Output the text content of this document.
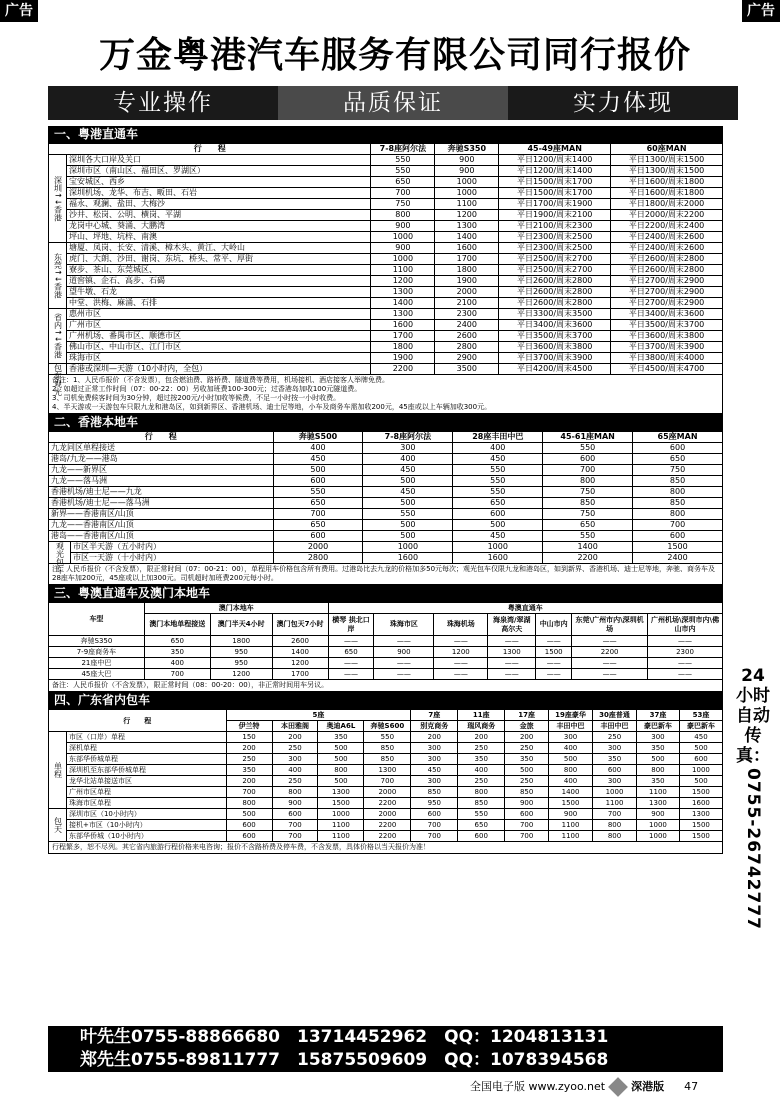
广告	广告
万金粤港汽车服务有限公司同行报价
专业操作	品质保证	实力体现
一、粤港直通车
行　　程		7-8座阿尔法	奔驰S350	45-49座MAN	60座MAN
深圳↑↓香港	深圳各大口岸及关口	550	900	平日1200/周末1400	平日1300/周末1500
	深圳市区（南山区、福田区、罗湖区）	550	900	平日1200/周末1400	平日1300/周末1500
	宝安城区、西乡	650	1000	平日1500/周末1700	平日1600/周末1800
	深圳机场、龙华、布吉、畈田、石岩	700	1000	平日1500/周末1700	平日1600/周末1800
	福永、观澜、盐田、大梅沙	750	1100	平日1700/周末1900	平日1800/周末2000
	沙井、松岗、公明、横岗、平湖	800	1200	平日1900/周末2100	平日2000/周末2200
	龙岗中心城、葵涌、大鹏湾	900	1300	平日2100/周末2300	平日2200/周末2400
	坪山、坪地、坑梓、南澳	1000	1400	平日2300/周末2500	平日2400/周末2600
东莞↑↓香港	塘厦、凤岗、长安、清溪、樟木头、黄江、大岭山	900	1600	平日2300/周末2500	平日2400/周末2600
	虎门、大朗、沙田、谢岗、东坑、桥头、常平、厚街	1000	1700	平日2500/周末2700	平日2600/周末2800
	寮步、茶山、东莞城区、	1100	1800	平日2500/周末2700	平日2600/周末2800
	道窖镇、企石、高步、石碣	1200	1900	平日2600/周末2800	平日2700/周末2900
	望牛墩、石龙	1300	2000	平日2600/周末2800	平日2700/周末2900
	中堂、洪梅、麻涌、石排	1400	2100	平日2600/周末2800	平日2700/周末2900
省内↑↓香港	惠州市区	1300	2300	平日3300/周末3500	平日3400/周末3600
	广州市区	1600	2400	平日3400/周末3600	平日3500/周末3700
	广州机场、番禺市区、顺德市区	1700	2600	平日3500/周末3700	平日3600/周末3800
	佛山市区、中山市区、江门市区	1800	2800	平日3600/周末3800	平日3700/周末3900
	珠海市区	1900	2900	平日3700/周末3900	平日3800/周末4000
包车观光	香港或深圳—天游（10小时内，全包）	2200	3500	平日4200/周末4500	平日4500/周末4700
备注：1、人民币报价（不含发票），包含燃油费、路桥费、隧道费等费用，机场接机、酒店接客人举牌免费。
2、如超过正常工作时间（07：00-22：00）另收加班费100-300元；过香港岛加收100元隧道费。
3、司机免费候客时间为30分钟，超过按200元/小时加收等候费，不足一小时按一小时收费。
4、半天游或一天游包车只限九龙和港岛区，如到新界区、香港机场、迪士尼等地，小车及商务车需加收200元，45座或以上车辆加收300元。
二、香港本地车
行　　程		奔驰S500	7-8座阿尔法	28座丰田中巴	45-61座MAN	65座MAN
九龙同区单程接送		400	300	400	550	600
港岛/九龙——港岛		450	400	450	600	650
九龙——新界区		500	450	550	700	750
九龙——落马洲		600	500	550	800	850
香港机场/迪士尼——九龙		550	450	550	750	800
香港机场/迪士尼——落马洲		650	500	650	850	850
新界——香港南区/山顶		700	550	600	750	800
九龙——香港南区/山顶		650	500	500	650	700
港岛——香港南区/山顶		600	500	450	550	600
观光包车	市区半天游（五小时内）	2000	1000	1000	1400	1500
	市区一天游（十小时内）	2800	1600	1600	2200	2400
注：人民币报价（不含发票），限正常时间（07：00-21：00），单程用车价格包含所有费用。过港岛比去九龙的价格加多50元每次；观光包车仅限九龙和港岛区，如到新界、香港机场、迪士尼等地，奔驰、商务车及28座车加200元，45座或以上加300元。司机超时加班费200元每小时。
三、粤澳直通车及澳门本地车
车型	澳门本地车			粤澳直通车						
	澳门本地单程接送	澳门半天4小时	澳门包天7小时	横琴 拱北口岸	珠海市区	珠海机场	海泉湾/翠湖高尔夫	中山市内	东莞\广州市内\深圳机场	广州机场\深圳市内\佛山市内
奔驰S350	650	1800	2600	——	——	——	——	——	——	——
7-9座商务车	350	950	1400	650	900	1200	1300	1500	2200	2300
21座中巴	400	950	1200	——	——	——	——	——	——	——
45座大巴	700	1200	1700	——	——	——	——	——	——	——
备注：人民币报价（不含发票），限正常时间（08：00-20：00），非正常时间用车另议。
四、广东省内包车
行　　程		5座				7座	11座	17座	19座豪华	30座普通	37座	53座
		伊兰特	本田雅阁	奥迪A6L	奔驰S600	别克商务	瑞风商务	金旅	丰田中巴	丰田中巴	豪巴新车	豪巴新车
单程	市区（口岸）单程	150	200	350	550	200	200	200	300	250	300	450
	深机单程	200	250	500	850	300	250	250	400	300	350	500
	东部华侨城单程	250	300	500	850	300	350	350	500	350	500	600
	深圳机至东部华侨城单程	350	400	800	1300	450	400	500	800	600	800	1000
	龙华北站单接送市区	200	250	500	700	300	250	250	400	300	350	500
	广州市区单程	700	800	1300	2000	850	800	850	1400	1000	1100	1500
	珠海市区单程	800	900	1500	2200	950	850	900	1500	1100	1300	1600
包天	深圳市区（10小时内）	500	600	1000	2000	600	550	600	900	700	900	1300
	接机+市区（10小时内）	600	700	1100	2200	700	650	700	1100	800	1000	1500
	东部华侨城（10小时内）	600	700	1100	2200	700	600	700	1100	800	1000	1500
行程繁多，恕不尽列。其它省内旅游行程价格来电咨询；报价不含路桥费及停车费，不含发票，具体价格以当天报价为准！
24小时自动传真：
0755-26742777
叶先生0755-88866680　13714452962　QQ：1204813131
郑先生0755-89811777　15875509609　QQ：1078394568
全国电子版 www.zyoo.net 深港版 47
